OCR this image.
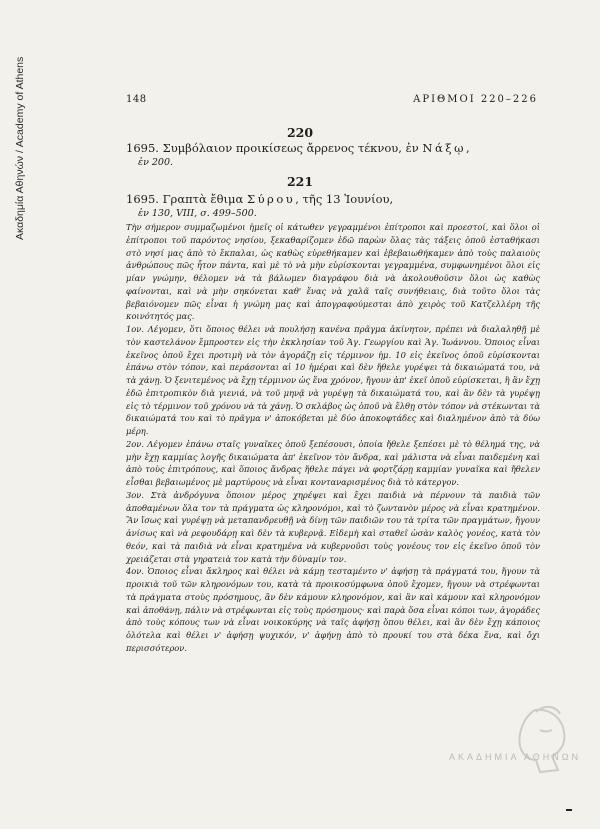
Ακαδημία Αθηνών / Academy of Athens	148	ΑΡΙΘΜΟΙ 220–226
220
1695. Συμβόλαιον προικίσεως ἄρρενος τέκνου, ἐν Νάξῳ,
ἐν 200.
221
1695. Γραπτὰ ἔθιμα Σύρου, τῆς 13 Ἰουνίου,
ἐν 130, VIII, σ. 499–500.

Τὴν σήμερον συμμαζωμένοι ἡμεῖς οἱ κάτωθεν γεγραμμένοι ἐπίτροποι καὶ προεστοί, καὶ ὅλοι οἱ ἐπίτροποι τοῦ παρόντος νησίου, ξεκαθαρίζομεν ἐδῶ παρὼν ὅλας τὰς τάξεις ὁποῦ ἐσταθήκασι στὸ νησί μας ἀπὸ τὸ ἔκπαλαι, ὡς καθὼς εὑρεθήκαμεν καὶ ἐβεβαιωθήκαμεν ἀπὸ τοὺς παλαιοὺς ἀνθρώπους πῶς ἦτον πάντα, καὶ μὲ τὸ νὰ μὴν εὑρίσκονται γεγραμμένα, συμφωνημένοι ὅλοι εἰς μίαν γνώμην, θέλομεν νὰ τὰ βάλωμεν διαγράφου διὰ νὰ ἀκολουθοῦσιν ὅλοι ὡς καθὼς φαίνονται, καὶ νὰ μὴν σηκόνεται καθ' ἕνας νὰ χαλᾶ ταῖς συνήθειαις, διὰ τοῦτο ὅλοι τὰς βεβαιόνομεν πῶς εἶναι ἡ γνώμη μας καὶ ἀπογραφούμεσται ἀπὸ χειρὸς τοῦ Κατζελλέρη τῆς κοινότητός μας.

1ον. Λέγομεν, ὅτι ὅποιος θέλει νὰ πουλήσῃ κανένα πρᾶγμα ἀκίνητον, πρέπει νὰ διαλαληθῇ μὲ τὸν καστελάνον ἔμπροστεν εἰς τὴν ἐκκλησίαν τοῦ Ἁγ. Γεωργίου καὶ Ἁγ. Ἰωάννου. Ὁποιος εἶναι ἐκεῖνος ὁποῦ ἔχει προτιμὴ νὰ τὸν ἀγοράζῃ εἰς τέρμινον ἡμ. 10 εἰς ἐκεῖνος ὁποῦ εὑρίσκονται ἐπάνω στὸν τόπον, καὶ περάσονται αἱ 10 ἡμέραι καὶ δὲν ἤθελε γυρέψει τὰ δικαιώματά του, νὰ τὰ χάνῃ. Ὁ ξενιτεμένος νὰ ἔχῃ τέρμινον ὡς ἕνα χρόνον, ἤγουν ἀπ' ἐκεῖ ὁποῦ εὑρίσκεται, ἢ ἂν ἔχῃ ἐδῶ ἐπιτροπικὸν διὰ γιενιά, νὰ τοῦ μηνᾷ νὰ γυρέψῃ τὰ δικαιώματά του, καὶ ἂν δὲν τὰ γυρέψῃ εἰς τὸ τέρμινον τοῦ χρόνου νὰ τὰ χάνῃ. Ὁ σκλάβος ὡς ὁποῦ νὰ ἔλθῃ στὸν τόπον νὰ στέκωνται τὰ δικαιώματά του καὶ τὸ πρᾶγμα ν' ἀποκόβεται μὲ δύο ἀποκοφτάδες καὶ διαλημένον ἀπὸ τὰ δύω μέρη.

2ον. Λέγομεν ἐπάνω σταῖς γυναῖκες ὁποῦ ξεπέσουσι, ὁποία ἤθελε ξεπέσει μὲ τὸ θέλημά της, νὰ μὴν ἔχῃ καμμίας λογῆς δικαιώματα ἀπ' ἐκεῖνον τὸν ἄνδρα, καὶ μάλιστα νὰ εἶναι παιδεμένη καὶ ἀπὸ τοὺς ἐπιτρόπους, καὶ ὅποιος ἄνδρας ἤθελε πάγει νὰ φορτζάρῃ καμμίαν γυναῖκα καὶ ἤθελεν εἶσθαι βεβαιωμένος μὲ μαρτύρους νὰ εἶναι κονταναρισμένος διὰ τὸ κάτεργον.

3ον. Στὰ ἀνδρόγυνα ὅποιον μέρος χηρέψει καὶ ἔχει παιδιὰ νὰ πέρνουν τὰ παιδιὰ τῶν ἀποθαμένων ὅλα τον τὰ πράγματα ὡς κληρονόμοι, καὶ τὸ ζωντανὸν μέρος νὰ εἶναι κρατημένον. Ἂν ἴσως καὶ γυρέψῃ νὰ μεταπανδρευθῇ νὰ δίνῃ τῶν παιδιῶν του τὰ τρίτα τῶν πραγμάτων, ἤγουν ἀνίσως καὶ νὰ ρεφουδάρῃ καὶ δὲν τὰ κυβερνᾷ. Εἰδεμὴ καὶ σταθεῖ ὡσὰν καλὸς γονέος, κατὰ τὸν θεόν, καὶ τὰ παιδιὰ νὰ εἶναι κρατημένα νὰ κυβερνοῦσι τοὺς γονέους τον εἰς ἐκεῖνο ὁποῦ τὸν χρειάζεται στὰ γηρατειὰ τον κατὰ τὴν δύναμίν τον.

4ον. Ὁποιος εἶναι ἄκληρος καὶ θέλει νὰ κάμῃ τεσταμέντο ν' ἀφήσῃ τὰ πράγματά του, ἤγουν τὰ προικιὰ τοῦ τῶν κληρονόμων του, κατὰ τὰ προικοσύμφωνα ὁποῦ ἔχομεν, ἤγουν νὰ στρέφωνται τὰ πράγματα στοὺς πρόσημους, ἂν δὲν κάμουν κληρονόμον, καὶ ἂν καὶ κάμουν καὶ κληρονόμον καὶ ἀποθάνῃ, πάλιν νὰ στρέφωνται εἰς τοὺς πρόσημους· καὶ παρὰ ὅσα εἶναι κόποι των, ἀγοράδες ἀπὸ τοὺς κόπους των νὰ εἶναι νοικοκύρης νὰ ταῖς ἀφήσῃ ὅπου θέλει, καὶ ἂν δὲν ἔχῃ κάποιος ὁλότελα καὶ θέλει ν' ἀφήσῃ ψυχικόν, ν' ἀφήνῃ ἀπὸ τὸ προυκί του στὰ δέκα ἕνα, καὶ ὄχι περισσότερον.

ΑΚΑΔΗΜΙΑ ΑΘΗΝΩΝ
